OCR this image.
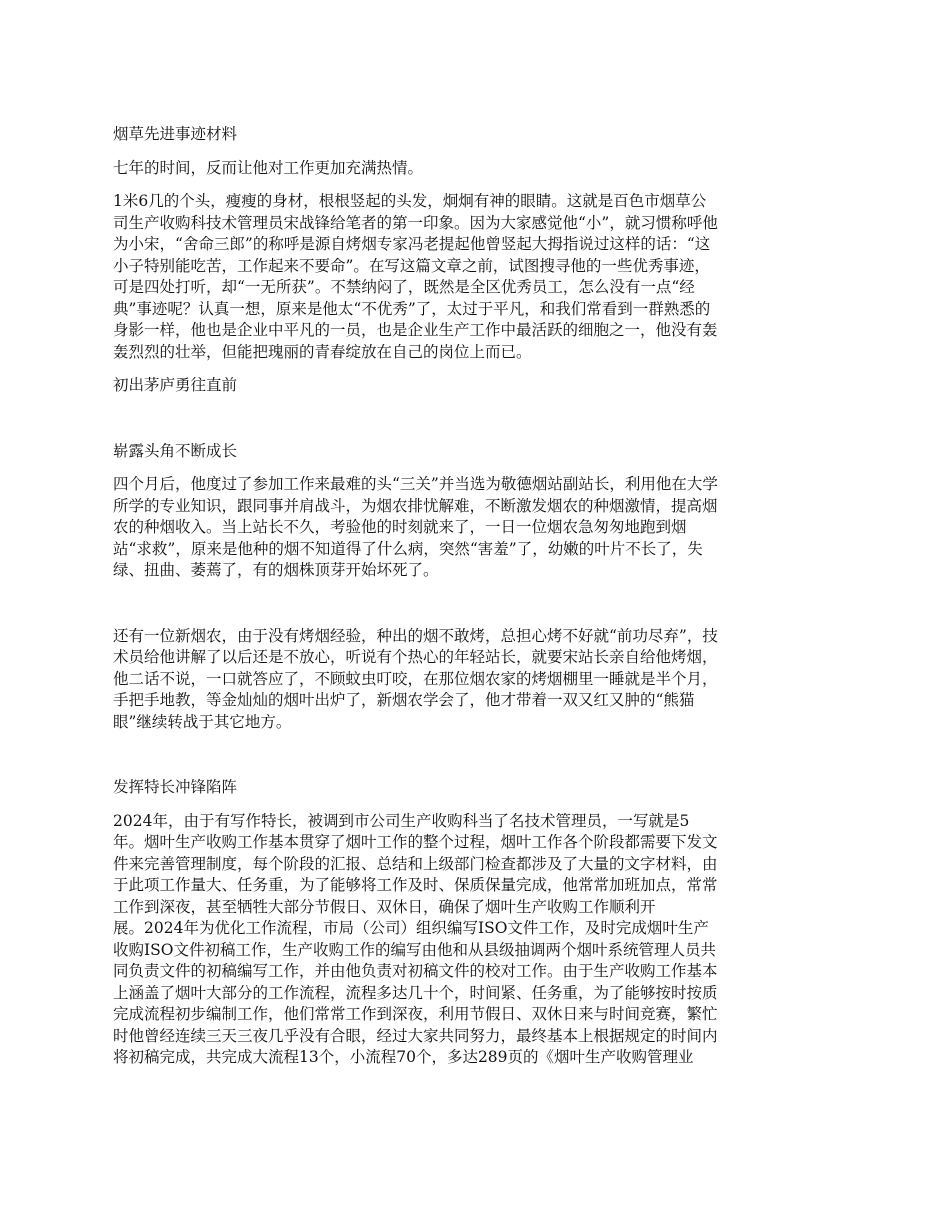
烟草先进事迹材料

七年的时间，反而让他对工作更加充满热情。

1米6几的个头，瘦瘦的身材，根根竖起的头发，炯炯有神的眼睛。这就是百色市烟草公
司生产收购科技术管理员宋战锋给笔者的第一印象。因为大家感觉他“小”，就习惯称呼他
为小宋，“舍命三郎”的称呼是源自烤烟专家冯老提起他曾竖起大拇指说过这样的话：“这
小子特别能吃苦，工作起来不要命”。在写这篇文章之前，试图搜寻他的一些优秀事迹，
可是四处打听，却“一无所获”。不禁纳闷了，既然是全区优秀员工，怎么没有一点“经
典”事迹呢？认真一想，原来是他太“不优秀”了，太过于平凡，和我们常看到一群熟悉的
身影一样，他也是企业中平凡的一员，也是企业生产工作中最活跃的细胞之一，他没有轰
轰烈烈的壮举，但能把瑰丽的青春绽放在自己的岗位上而已。

初出茅庐勇往直前

崭露头角不断成长

四个月后，他度过了参加工作来最难的头“三关”并当选为敬德烟站副站长，利用他在大学
所学的专业知识，跟同事并肩战斗，为烟农排忧解难，不断激发烟农的种烟激情，提高烟
农的种烟收入。当上站长不久，考验他的时刻就来了，一日一位烟农急匆匆地跑到烟
站“求救”，原来是他种的烟不知道得了什么病，突然“害羞”了，幼嫩的叶片不长了，失
绿、扭曲、萎蔫了，有的烟株顶芽开始坏死了。

还有一位新烟农，由于没有烤烟经验，种出的烟不敢烤，总担心烤不好就“前功尽弃”，技
术员给他讲解了以后还是不放心，听说有个热心的年轻站长，就要宋站长亲自给他烤烟，
他二话不说，一口就答应了，不顾蚊虫叮咬，在那位烟农家的烤烟棚里一睡就是半个月，
手把手地教，等金灿灿的烟叶出炉了，新烟农学会了，他才带着一双又红又肿的“熊猫
眼”继续转战于其它地方。

发挥特长冲锋陷阵

2024年，由于有写作特长，被调到市公司生产收购科当了名技术管理员，一写就是5
年。烟叶生产收购工作基本贯穿了烟叶工作的整个过程，烟叶工作各个阶段都需要下发文
件来完善管理制度，每个阶段的汇报、总结和上级部门检查都涉及了大量的文字材料，由
于此项工作量大、任务重，为了能够将工作及时、保质保量完成，他常常加班加点，常常
工作到深夜，甚至牺牲大部分节假日、双休日，确保了烟叶生产收购工作顺利开
展。2024年为优化工作流程，市局（公司）组织编写ISO文件工作，及时完成烟叶生产
收购ISO文件初稿工作，生产收购工作的编写由他和从县级抽调两个烟叶系统管理人员共
同负责文件的初稿编写工作，并由他负责对初稿文件的校对工作。由于生产收购工作基本
上涵盖了烟叶大部分的工作流程，流程多达几十个，时间紧、任务重，为了能够按时按质
完成流程初步编制工作，他们常常工作到深夜，利用节假日、双休日来与时间竞赛，繁忙
时他曾经连续三天三夜几乎没有合眼，经过大家共同努力，最终基本上根据规定的时间内
将初稿完成，共完成大流程13个，小流程70个，多达289页的《烟叶生产收购管理业
